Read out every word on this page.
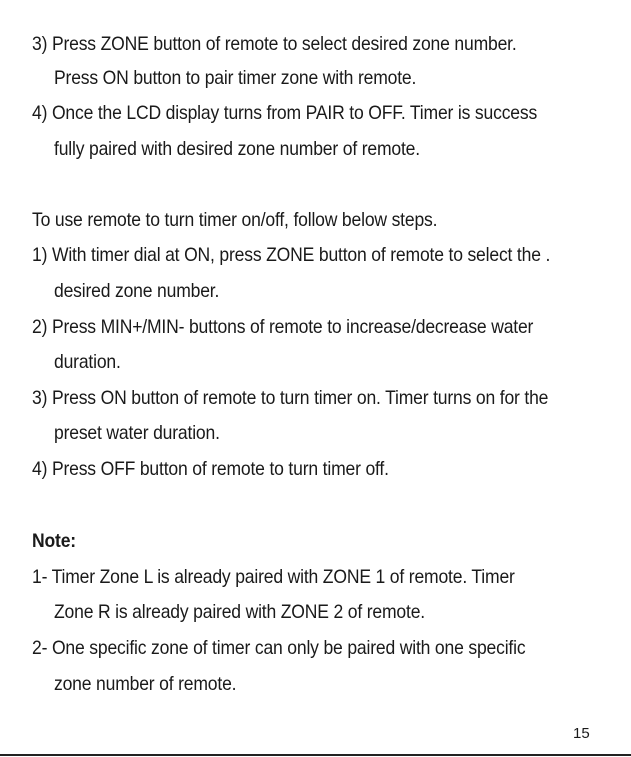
3) Press ZONE button of remote to select desired zone number.
Press ON button to pair timer zone with remote.
4) Once the LCD display turns from PAIR to OFF. Timer is success
fully paired with desired zone number of remote.
To use remote to turn timer on/off, follow below steps.
1) With timer dial at ON, press ZONE button of remote to select the .
desired zone number.
2) Press MIN+/MIN- buttons of remote to increase/decrease water
duration.
3) Press ON button of remote to turn timer on. Timer turns on for the
preset water duration.
4) Press OFF button of remote to turn timer off.
Note:
1- Timer Zone L is already paired with ZONE 1 of remote. Timer
Zone R is already paired with ZONE 2 of remote.
2- One specific zone of timer can only be paired with one specific
zone number of remote.
15
